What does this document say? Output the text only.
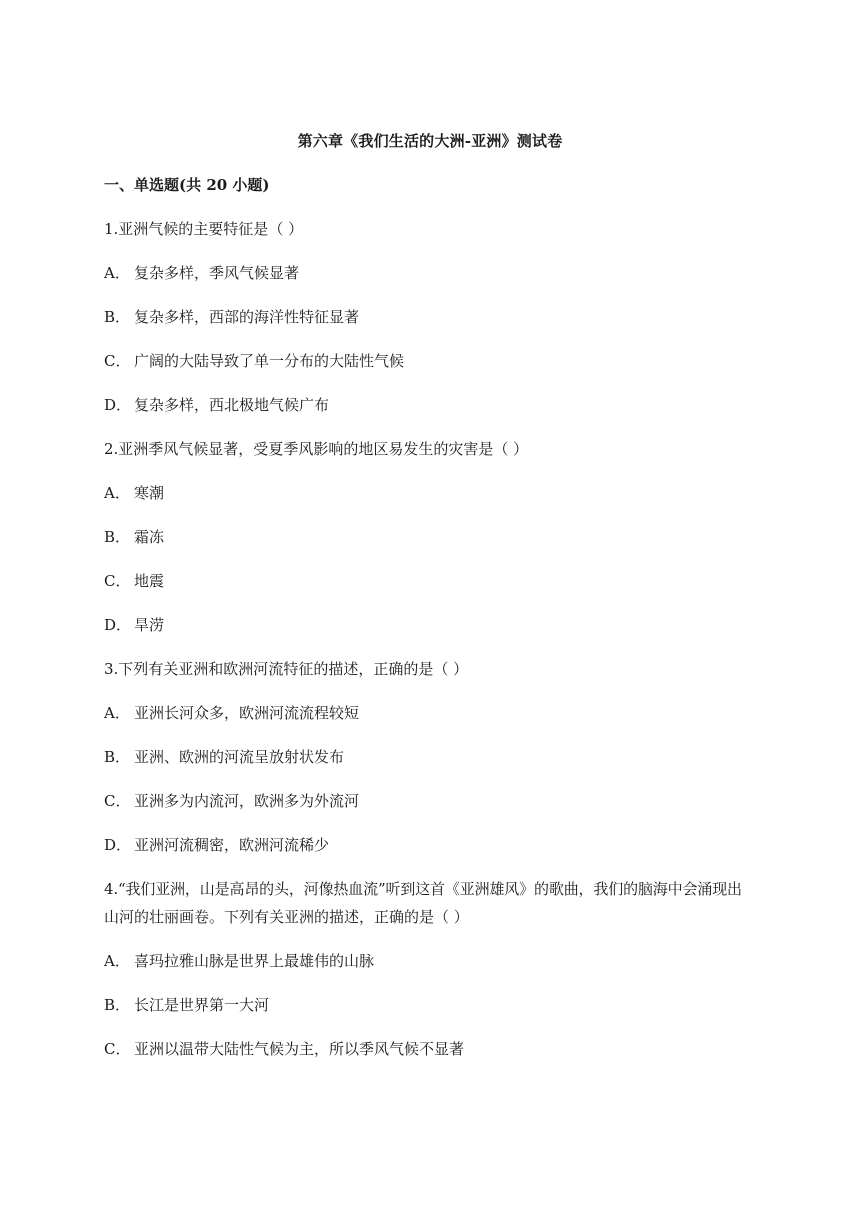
第六章《我们生活的大洲-亚洲》测试卷
一、单选题(共 20 小题)
1.亚洲气候的主要特征是（ ）
A． 复杂多样，季风气候显著
B． 复杂多样，西部的海洋性特征显著
C． 广阔的大陆导致了单一分布的大陆性气候
D． 复杂多样，西北极地气候广布
2.亚洲季风气候显著，受夏季风影响的地区易发生的灾害是（ ）
A． 寒潮
B． 霜冻
C． 地震
D． 旱涝
3.下列有关亚洲和欧洲河流特征的描述，正确的是（ ）
A． 亚洲长河众多，欧洲河流流程较短
B． 亚洲、欧洲的河流呈放射状发布
C． 亚洲多为内流河，欧洲多为外流河
D． 亚洲河流稠密，欧洲河流稀少
4.“我们亚洲，山是高昂的头，河像热血流”听到这首《亚洲雄风》的歌曲，我们的脑海中会涌现出
山河的壮丽画卷。下列有关亚洲的描述，正确的是（ ）
A． 喜玛拉雅山脉是世界上最雄伟的山脉
B． 长江是世界第一大河
C． 亚洲以温带大陆性气候为主，所以季风气候不显著
